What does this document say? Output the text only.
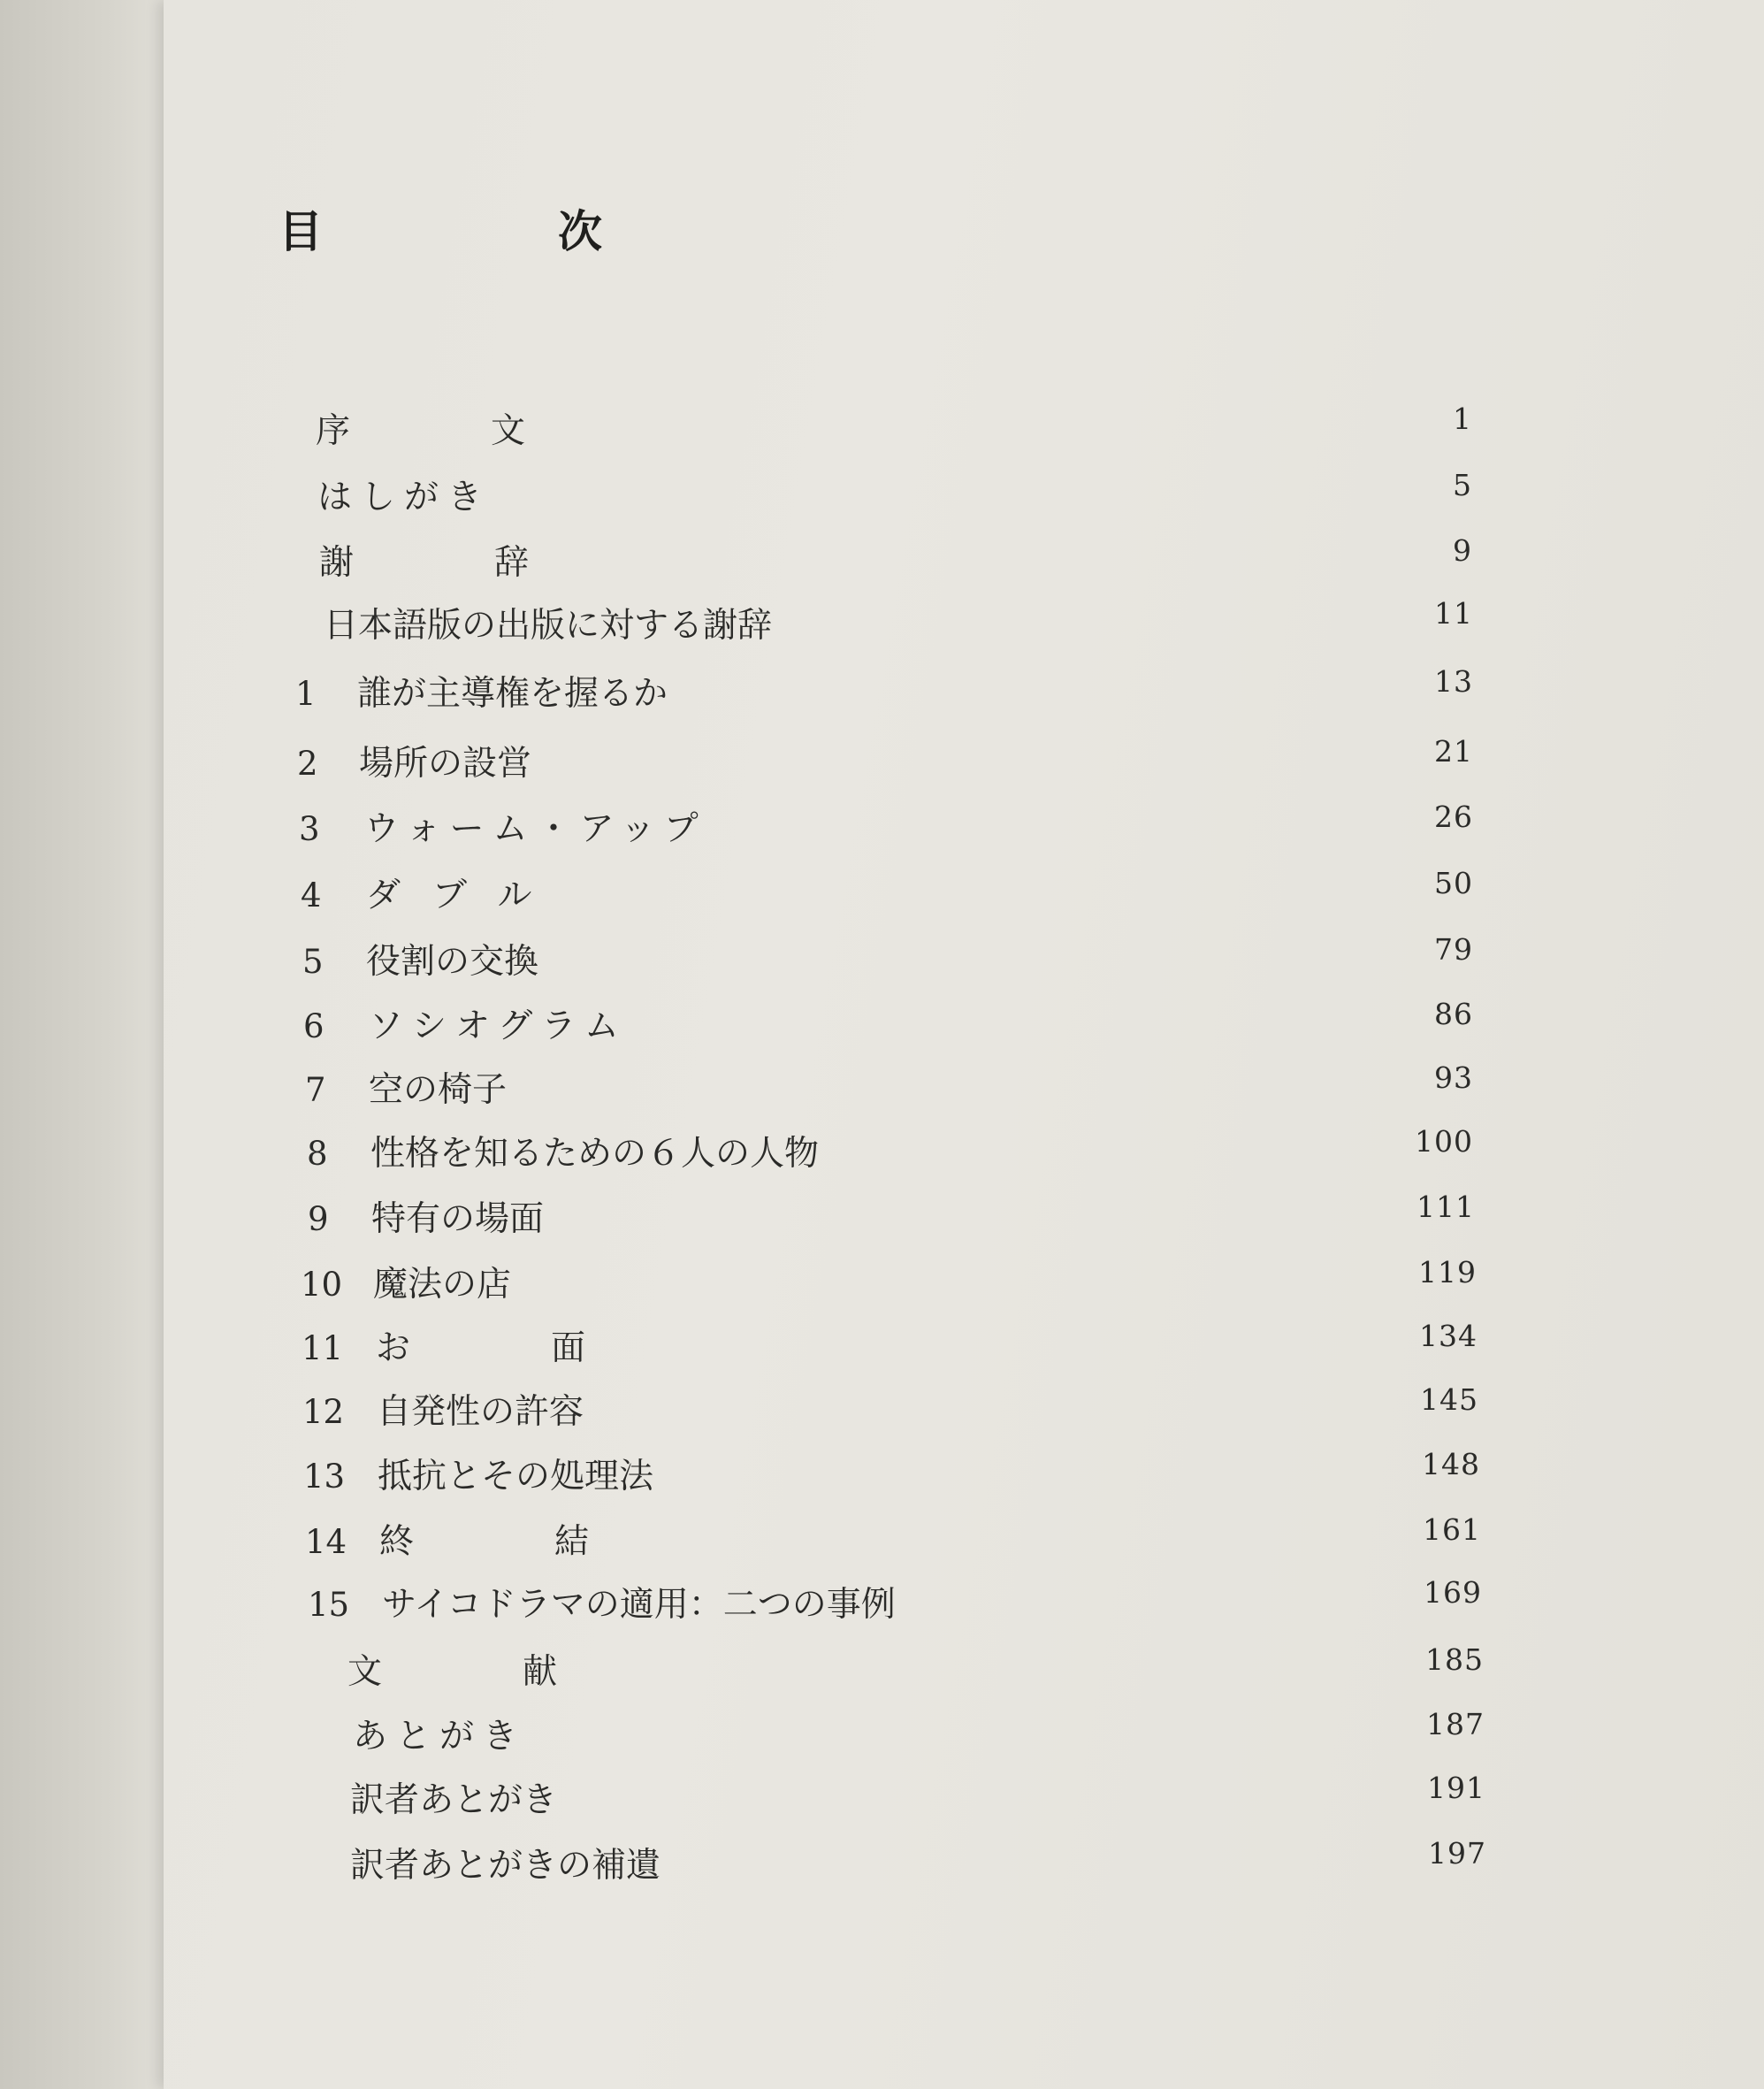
目　次
序　文	1
はしがき	5
謝　辞	9
日本語版の出版に対する謝辞	11
1 誰が主導権を握るか	13
2 場所の設営	21
3 ウォーム・アップ	26
4 ダブル	50
5 役割の交換	79
6 ソシオグラム	86
7 空の椅子	93
8 性格を知るための６人の人物	100
9 特有の場面	111
10 魔法の店	119
11 お　面	134
12 自発性の許容	145
13 抵抗とその処理法	148
14 終　結	161
15 サイコドラマの適用：二つの事例	169
文　献	185
あとがき	187
訳者あとがき	191
訳者あとがきの補遺	197
